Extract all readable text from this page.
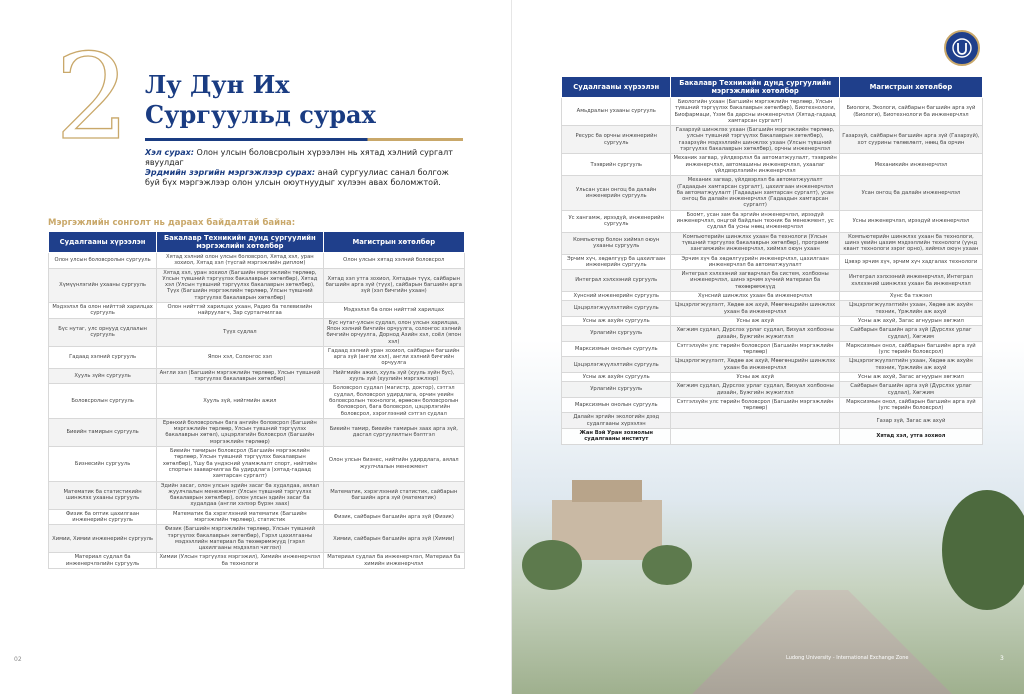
2 Лу Дун Их
Сургуульд сурах

Хэл сурах: Олон улсын боловсролын хүрээлэн нь хятад хэлний сургалт явуулдаг

Эрдмийн зэргийн мэргэжлээр сурах: анай сургуулиас санал болгож буй бүх мэргэжлээр олон улсын оюутнуудыг хүлээн авах боломжтой.

Мэргэжлийн сонголт нь дараах байдалтай байна:
Судалгааны хүрээлэн	Бакалавр Техникийн дунд сургуулийн мэргэжлийн хөтөлбөр	Магистрын хөтөлбөр
Олон улсын боловсролын сургууль	Хятад хэлний олон улсын боловсрол, Хятад хэл, уран зохиол, Хятад хэл (түсгай мэргэжлийн диплом)	Олон улсын хятад хэлний боловсрол
Хүмүүнлэгийн ухааны сургууль	Хятад хэл, уран зохиол (Багшийн мэргэжлийн төрлөөр, Улсын түвшний тэргүүлэх бакалаврын хөтөлбөр), Хятад хэл (Улсын түвшний тэргүүлэх бакалаврын хөтөлбөр), Түүх (Багшийн мэргэжлийн төрлөөр, Улсын түвшний тэргүүлэх бакалаврын хөтөлбөр)	Хятад хэл утга зохиол, Хятадын түүх, сайбарын багшийн арга зүй (түүх), сайбарын багшийн арга зүй (хэл бичгийн ухаан)
Мэдээлэл ба олон нийттэй харилцах сургууль	Олон нийттэй харилцах ухаан, Радио ба телевизийн найруулагч, Зар сурталчилгаа	Мэдээлэл ба олон нийттэй харилцах
Бүс нутаг, улс орнууд судлалын сургууль	Түүх судлал	Бүс нутаг-улсын судлал, олон улсын харилцаа, Япон хэлний бичгийн орчуулга, солонгос хэлний бичгийн орчуулга, Дорнод Азийн хэл, соёл (япон хэл)
Гадаад хэлний сургууль	Япон хэл, Солонгос хэл	Гадаад хэлний уран зохиол, сайбарын багшийн арга зүй (англи хэл), англи хэлний бичгийн орчуулга
Хууль зүйн сургууль	Англи хэл (Багшийн мэргэжлийн төрлөөр, Улсын түвшний тэргүүлэх бакалаврын хөтөлбөр)	Нийгмийн ажил, хууль зүй (хууль зүйн бус), хууль зүй (хуулийн мэргэжлээр)
Боловсролын сургууль	Хууль зүй, нийгмийн ажил	Боловсрол судлал (магистр, доктор), сэтгэл судлал, боловсрол удирдлага, орчин үеийн боловсролын технологи, өрөөсөн боловсролын боловсрол, бага боловсрол, цэцэрлэгийн боловсрол, хэрэглээний сэтгэл судлал
Биеийн тамирын сургууль	Ерөнхий боловсролын бага ангийн боловсрол (Багшийн мэргэжлийн төрлөөр, Улсын түвшний тэргүүлэх бакалаврын хөтөл), цэцэрлэгийн боловсрол (Багшийн мэргэжлийн төрлөөр)	Биеийн тамир, биеийн тамирын заах арга зүй, дасгал сургуулилтын бэлтгэл
Бизнесийн сургууль	Биеийн тамирын боловсрол (Багшийн мэргэжлийн төрлөөр, Улсын түвшний тэргүүлэх бакалаврын хөтөлбөр), Үшу ба үндэсний уламжлалт спорт, нийтийн спортын зааварчилгаа ба удирдлага (хятад-гадаад хамтарсан сургалт)	Олон улсын бизнес, нийтийн удирдлага, аялал жуулчлалын менежмент
Математик ба статистикийн шинжлэх ухааны сургууль	Эдийн засаг, олон улсын эдийн засаг ба худалдаа, аялал жуулчлалын менежмент (Улсын түвшний тэргүүлэх бакалаврын хөтөлбөр), олон улсын эдийн засаг ба худалдаа (англи хэлээр бүрэн заах)	Математик, хэрэглээний статистик, сайбарын багшийн арга зүй (математик)
Физик ба оптик цахилгаан инженерийн сургууль	Математик ба хэрэглээний математик (Багшийн мэргэжлийн төрлөөр), статистик	Физик, сайбарын багшийн арга зүй (Физик)
Химии, Химии инженерийн сургууль	Физик (Багшийн мэргэжлийн төрлөөр, Улсын түвшний тэргүүлэх бакалаврын хөтөлбөр), Гэрэл цахилгааны мэдээллийн материал ба төхөөрөмжүүд (гэрэл цахилгааны мэдээлэл чиглэл)	Химии, сайбарын багшийн арга зүй (Химии)
Материал судлал ба инженерчлэлийн сургууль	Химии (Улсын тэргүүлэх мэргэжил), Химийн инженерчлэл ба технологи	Материал судлал ба инженерчлэл, Материал ба химийн инженерчлэл
02
Судалгааны хүрээлэн	Бакалавр Техникийн дунд сургуулийн мэргэжлийн хөтөлбөр	Магистрын хөтөлбөр
Амьдралын ухааны сургууль	Биологийн ухаан (Багшийн мэргэжлийн төрлөөр, Улсын түвшний тэргүүлэх бакалаврын хөтөлбөр), Биотехнологи, Биофармаци, Үзэм ба дарсны инженерчлэл (Хятад-гадаад хамтарсан сургалт)	Биологи, Экологи, сайбарын багшийн арга зүй (Биологи), Биотехнологи ба инженерчлэл
Ресурс ба орчны инженерийн сургууль	Газарзүй шинжлэх ухаан (Багшийн мэргэжлийн төрлөөр, улсын түвшний тэргүүлэх бакалаврын хөтөлбөр), газарзүйн мэдээллийн шинжлэх ухаан (Улсын түвшний тэргүүлэх бакалаврын хөтөлбөр), орчны инженерчлэл	Газарзүй, сайбарын багшийн арга зүй (Газарзүй), хот суурины төлөвлөлт, нөөц ба орчин
Тээврийн сургууль	Механик загвар, үйлдвэрлэл ба автоматжуулалт, тээврийн инженерчлэл, автомашины инженерчлэл, ухаалаг үйлдвэрлэлийн инженерчлэл	Механикийн инженерчлэл
Ульсан усан онгоц ба далайн инженерийн сургууль	Механик загвар, үйлдвэрлэл ба автоматжуулалт (Гадаадын хамтарсан сургалт), цахилгаан инженерчлэл ба автоматжуулалт (Гадаадын хамтарсан сургалт), усан онгоц ба далайн инженерчлэл (Гадаадын хамтарсан сургалт)	Усан онгоц ба далайн инженерчлэл
Ус хангамж, ирээдүй, инженерийн сургууль	Боомт, усан зам ба эргийн инженерчлэл, ирээдүй инженерчлэл, онцгой байдлын техник ба менежмент, ус судлал ба усны нөөц инженерчлэл	Усны инженерчлэл, ирээдүй инженерчлэл
Компьютер болон хиймэл оюун ухааны сургууль	Компьютерийн шинжлэх ухаан ба технологи (Улсын түвшний тэргүүлэх бакалаврын хөтөлбөр), программ хангамжийн инженерчлэл, хиймэл оюун ухаан	Компьютерийн шинжлэх ухаан ба технологи, шинэ үеийн цахим мэдээллийн технологи (үүнд квант технологи зэрэг орно), хиймэл оюун ухаан
Эрчим хүч, хөдөлгүүр ба цахилгаан инженерийн сургууль	Эрчим хүч ба хөдөлгүүрийн инженерчлэл, цахилгаан инженерчлэл ба автоматжуулалт	Цэвэр эрчим хүч, эрчим хүч хадгалах технологи
Интеграл хэлхээний сургууль	Интеграл хэлхээний загварчлал ба систем, холбооны инженерчлэл, шинэ эрчим хүчний материал ба төхөөрөмжүүд	Интеграл хэлхээний инженерчлэл, Интеграл хэлхээний шинжлэх ухаан ба инженерчлэл
Хүнсний инженерийн сургууль	Хүнсний шинжлэх ухаан ба инженерчлэл	Хүнс ба тэжээл
Цэцэрлэгжүүлэлтийн сургууль	Цэцэрлэгжүүлэлт, Хөдөө аж ахуй, Мөөгөнцрийн шинжлэх ухаан ба инженерчлэл	Цэцэрлэгжүүлэлтийн ухаан, Хөдөө аж ахуйн техник, Үржлийн аж ахуй
Усны аж ахуйн сургууль	Усны аж ахуй	Усны аж ахуй, Загас агнуурын хөгжил
Урлагийн сургууль	Хөгжим судлал, Дүрслэх урлаг судлал, Визуал холбооны дизайн, Бүжгийн жүжиглэл	Сайбарын багшийн арга зүй (Дүрслэх урлаг судлал), Хөгжим
Марксизмын онолын сургууль	Сэтгэлзүйн улс төрийн боловсрол (Багшийн мэргэжлийн төрлөөр)	Марксизмын онол, сайбарын багшийн арга зүй (улс төрийн боловсрол)
Цэцэрлэгжүүлэлтийн сургууль	Цэцэрлэгжүүлэлт, Хөдөө аж ахуй, Мөөгөнцрийн шинжлэх ухаан ба инженерчлэл	Цэцэрлэгжүүлэлтийн ухаан, Хөдөө аж ахуйн техник, Үржлийн аж ахуй
Усны аж ахуйн сургууль	Усны аж ахуй	Усны аж ахуй, Загас агнуурын хөгжил
Урлагийн сургууль	Хөгжим судлал, Дүрслэх урлаг судлал, Визуал холбооны дизайн, Бүжгийн жүжиглэл	Сайбарын багшийн арга зүй (Дүрслэх урлаг судлал), Хөгжим
Марксизмын онолын сургууль	Сэтгэлзүйн улс төрийн боловсрол (Багшийн мэргэжлийн төрлөөр)	Марксизмын онол, сайбарын багшийн арга зүй (улс төрийн боловсрол)
Далайн эргийн экологийн дээд судалгааны хүрээлэн		Газар зүй, Загас аж ахуй
Жан Вэй Уран зохиолын судалгааны институт		Хятад хэл, утга зохиол
Ludong University - International Exchange Zone	3
